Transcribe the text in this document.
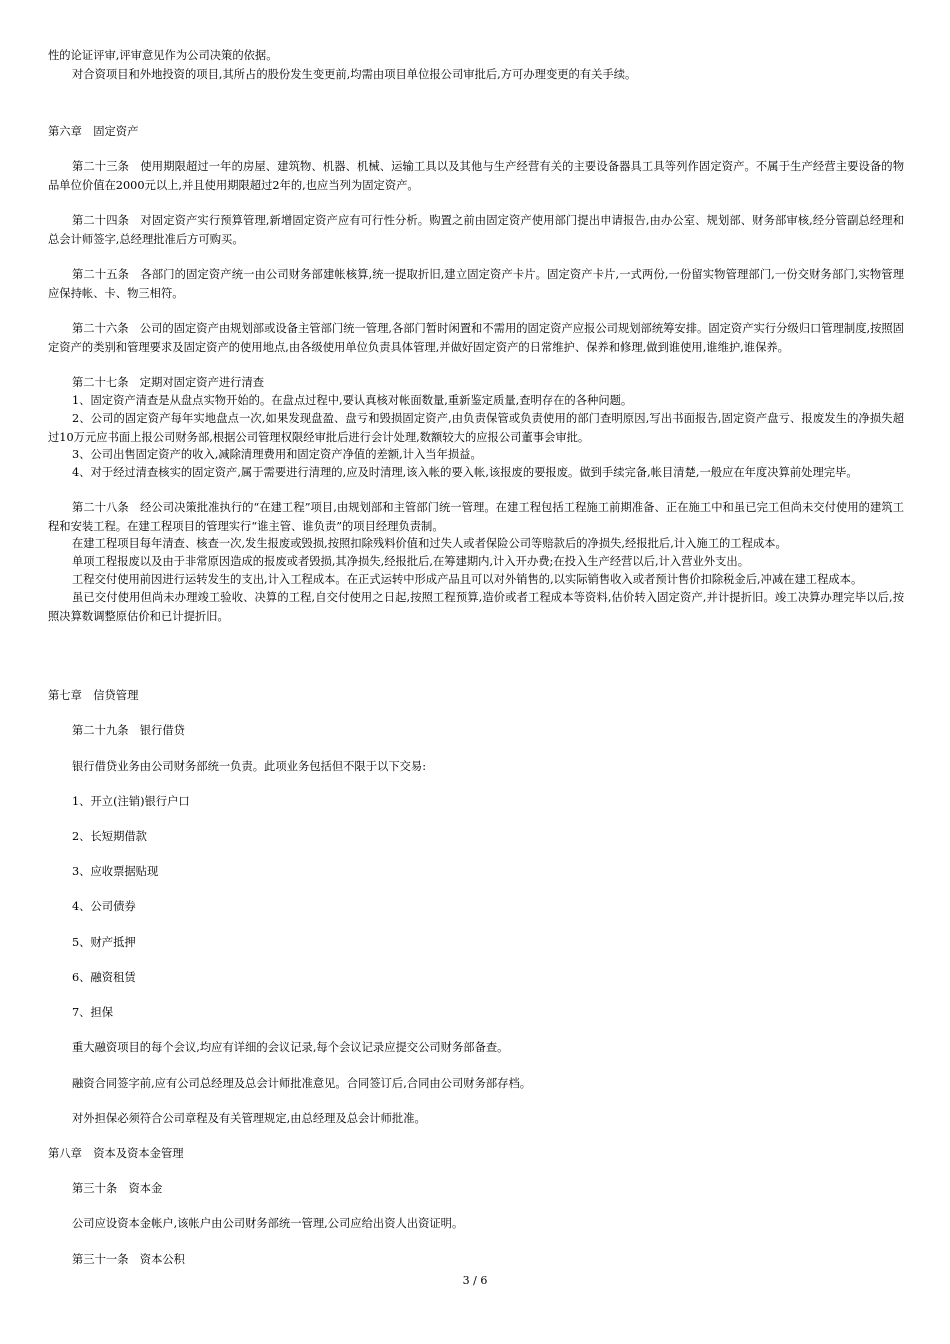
性的论证评审,评审意见作为公司决策的依据。

对合资项目和外地投资的项目,其所占的股份发生变更前,均需由项目单位报公司审批后,方可办理变更的有关手续。

第六章　固定资产

第二十三条　使用期限超过一年的房屋、建筑物、机器、机械、运输工具以及其他与生产经营有关的主要设备器具工具等列作固定资产。不属于生产经营主要设备的物品单位价值在2000元以上,并且使用期限超过2年的,也应当列为固定资产。

第二十四条　对固定资产实行预算管理,新增固定资产应有可行性分析。购置之前由固定资产使用部门提出申请报告,由办公室、规划部、财务部审核,经分管副总经理和总会计师签字,总经理批准后方可购买。

第二十五条　各部门的固定资产统一由公司财务部建帐核算,统一提取折旧,建立固定资产卡片。固定资产卡片,一式两份,一份留实物管理部门,一份交财务部门,实物管理应保持帐、卡、物三相符。

第二十六条　公司的固定资产由规划部或设备主管部门统一管理,各部门暂时闲置和不需用的固定资产应报公司规划部统筹安排。固定资产实行分级归口管理制度,按照固定资产的类别和管理要求及固定资产的使用地点,由各级使用单位负责具体管理,并做好固定资产的日常维护、保养和修理,做到谁使用,谁维护,谁保养。

第二十七条　定期对固定资产进行清查

1、固定资产清查是从盘点实物开始的。在盘点过程中,要认真核对帐面数量,重新鉴定质量,查明存在的各种问题。

2、公司的固定资产每年实地盘点一次,如果发现盘盈、盘亏和毁损固定资产,由负责保管或负责使用的部门查明原因,写出书面报告,固定资产盘亏、报废发生的净损失超过10万元应书面上报公司财务部,根据公司管理权限经审批后进行会计处理,数额较大的应报公司董事会审批。

3、公司出售固定资产的收入,减除清理费用和固定资产净值的差额,计入当年损益。

4、对于经过清查核实的固定资产,属于需要进行清理的,应及时清理,该入帐的要入帐,该报废的要报废。做到手续完备,帐目清楚,一般应在年度决算前处理完毕。

第二十八条　经公司决策批准执行的“在建工程”项目,由规划部和主管部门统一管理。在建工程包括工程施工前期准备、正在施工中和虽已完工但尚未交付使用的建筑工程和安装工程。在建工程项目的管理实行“谁主管、谁负责”的项目经理负责制。

在建工程项目每年清查、核查一次,发生报废或毁损,按照扣除残料价值和过失人或者保险公司等赔款后的净损失,经报批后,计入施工的工程成本。

单项工程报废以及由于非常原因造成的报废或者毁损,其净损失,经报批后,在筹建期内,计入开办费;在投入生产经营以后,计入营业外支出。

工程交付使用前因进行运转发生的支出,计入工程成本。在正式运转中形成产品且可以对外销售的,以实际销售收入或者预计售价扣除税金后,冲减在建工程成本。

虽已交付使用但尚未办理竣工验收、决算的工程,自交付使用之日起,按照工程预算,造价或者工程成本等资料,估价转入固定资产,并计提折旧。竣工决算办理完毕以后,按照决算数调整原估价和已计提折旧。

第七章　信贷管理

第二十九条　银行借贷

银行借贷业务由公司财务部统一负责。此项业务包括但不限于以下交易:

1、开立(注销)银行户口

2、长短期借款

3、应收票据贴现

4、公司债券

5、财产抵押

6、融资租赁

7、担保

重大融资项目的每个会议,均应有详细的会议记录,每个会议记录应提交公司财务部备查。

融资合同签字前,应有公司总经理及总会计师批准意见。合同签订后,合同由公司财务部存档。

对外担保必须符合公司章程及有关管理规定,由总经理及总会计师批准。

第八章　资本及资本金管理

第三十条　资本金

公司应设资本金帐户,该帐户由公司财务部统一管理,公司应给出资人出资证明。

第三十一条　资本公积

3 / 6
